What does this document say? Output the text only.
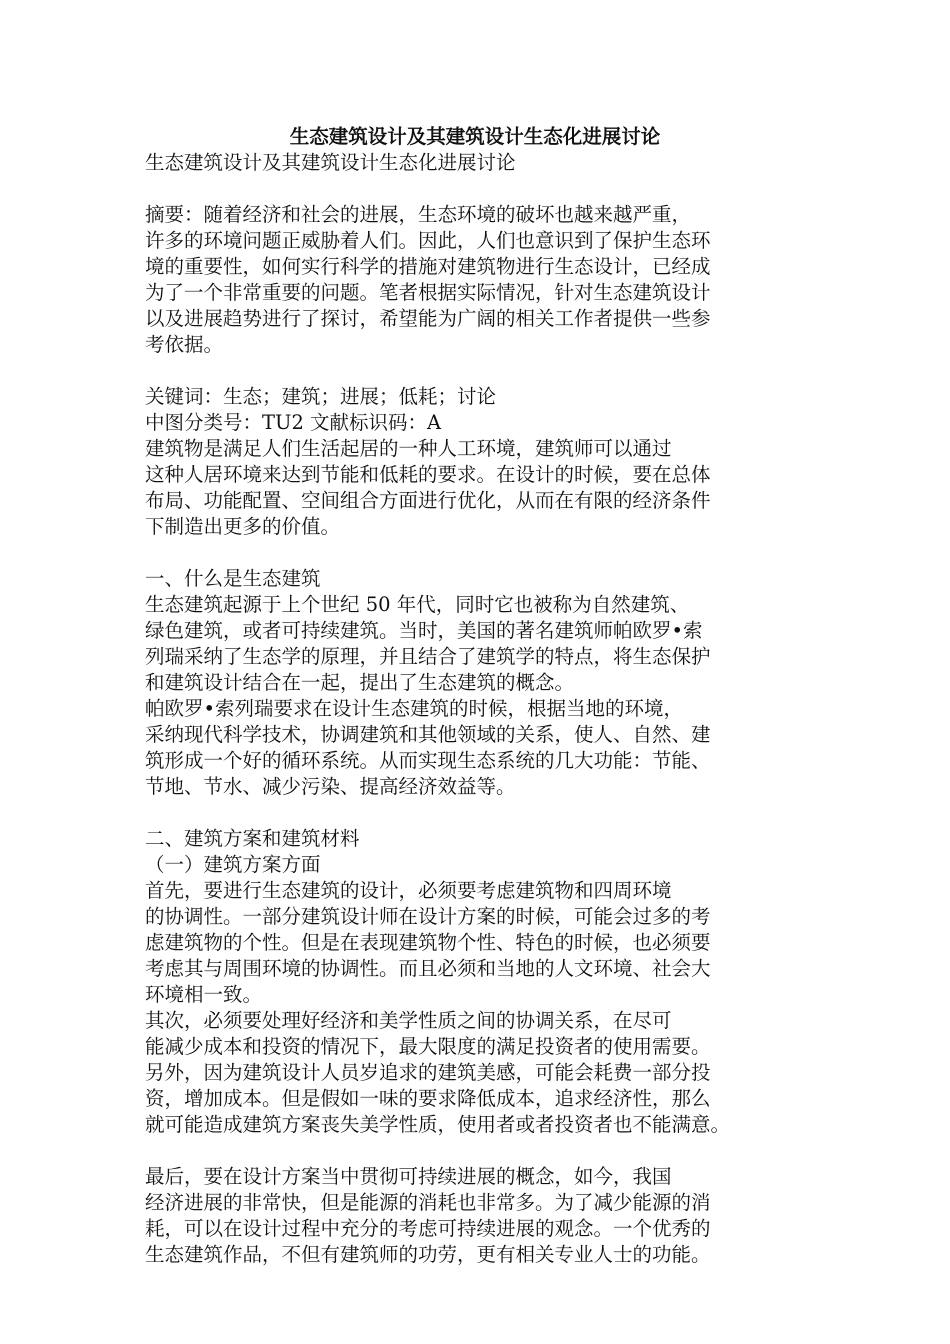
生态建筑设计及其建筑设计生态化进展讨论

生态建筑设计及其建筑设计生态化进展讨论

摘要：随着经济和社会的进展，生态环境的破坏也越来越严重，

许多的环境问题正威胁着人们。因此，人们也意识到了保护生态环

境的重要性，如何实行科学的措施对建筑物进行生态设计，已经成

为了一个非常重要的问题。笔者根据实际情况，针对生态建筑设计

以及进展趋势进行了探讨，希望能为广阔的相关工作者提供一些参

考依据。

关键词：生态；建筑；进展；低耗；讨论

中图分类号：TU2 文献标识码：A

建筑物是满足人们生活起居的一种人工环境，建筑师可以通过

这种人居环境来达到节能和低耗的要求。在设计的时候，要在总体

布局、功能配置、空间组合方面进行优化，从而在有限的经济条件

下制造出更多的价值。

一、什么是生态建筑

生态建筑起源于上个世纪 50 年代，同时它也被称为自然建筑、

绿色建筑，或者可持续建筑。当时，美国的著名建筑师帕欧罗•索

列瑞采纳了生态学的原理，并且结合了建筑学的特点，将生态保护

和建筑设计结合在一起，提出了生态建筑的概念。

帕欧罗•索列瑞要求在设计生态建筑的时候，根据当地的环境，

采纳现代科学技术，协调建筑和其他领域的关系，使人、自然、建

筑形成一个好的循环系统。从而实现生态系统的几大功能：节能、

节地、节水、减少污染、提高经济效益等。

二、建筑方案和建筑材料

（一）建筑方案方面

首先，要进行生态建筑的设计，必须要考虑建筑物和四周环境

的协调性。一部分建筑设计师在设计方案的时候，可能会过多的考

虑建筑物的个性。但是在表现建筑物个性、特色的时候，也必须要

考虑其与周围环境的协调性。而且必须和当地的人文环境、社会大

环境相一致。

其次，必须要处理好经济和美学性质之间的协调关系，在尽可

能减少成本和投资的情况下，最大限度的满足投资者的使用需要。

另外，因为建筑设计人员岁追求的建筑美感，可能会耗费一部分投

资，增加成本。但是假如一味的要求降低成本，追求经济性，那么

就可能造成建筑方案丧失美学性质，使用者或者投资者也不能满意。

最后，要在设计方案当中贯彻可持续进展的概念，如今，我国

经济进展的非常快，但是能源的消耗也非常多。为了减少能源的消

耗，可以在设计过程中充分的考虑可持续进展的观念。一个优秀的

生态建筑作品，不但有建筑师的功劳，更有相关专业人士的功能。
